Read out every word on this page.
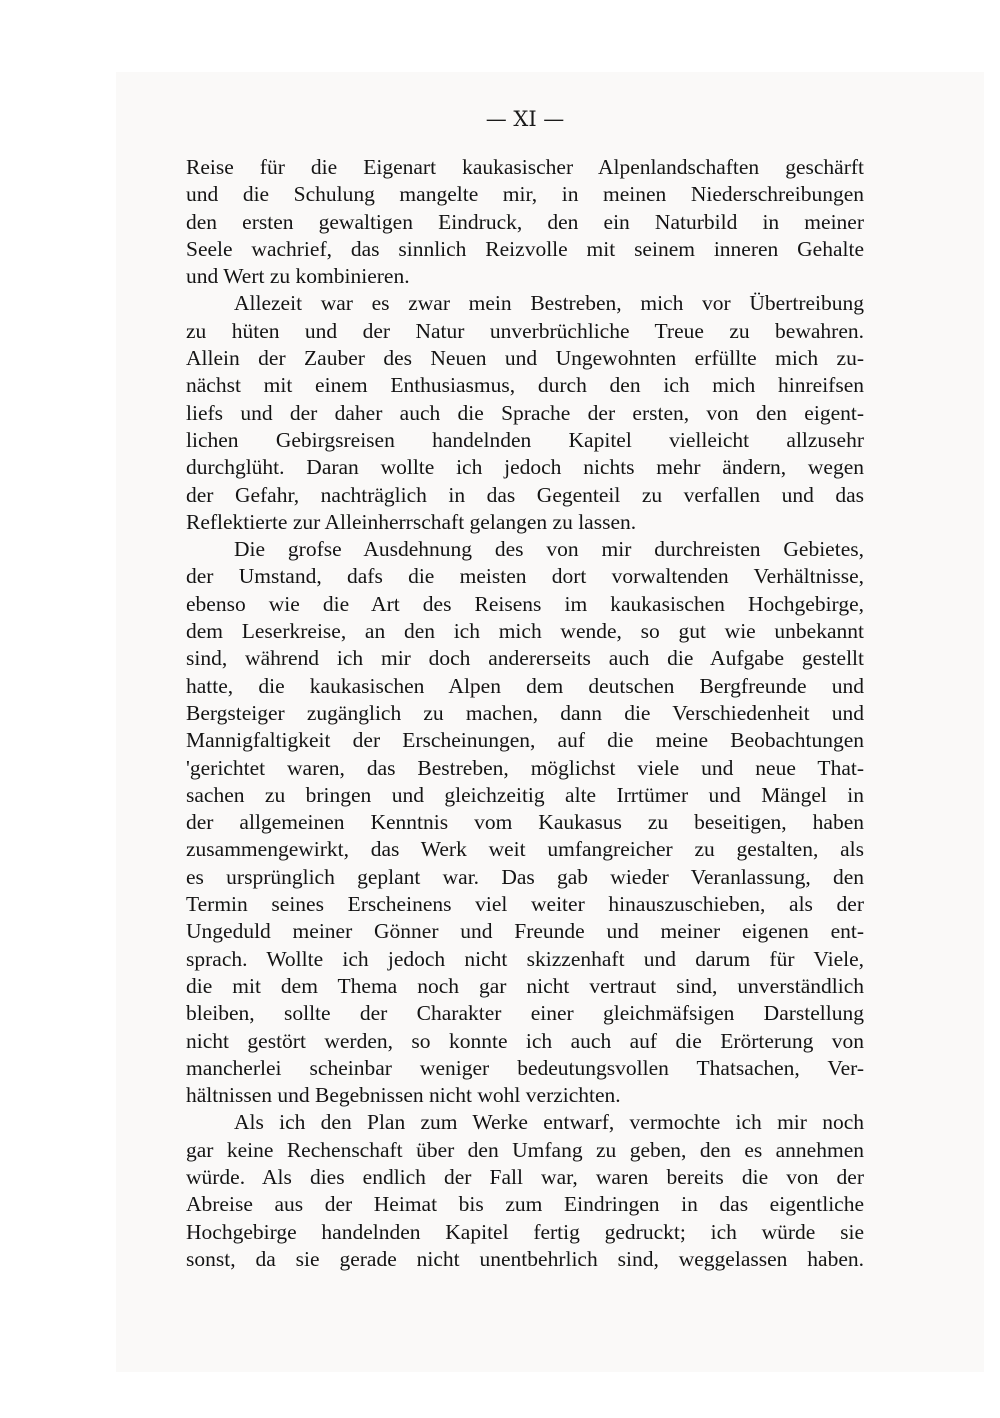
— XI —
Reise für die Eigenart kaukasischer Alpenlandschaften geschärft
und die Schulung mangelte mir, in meinen Niederschreibungen
den ersten gewaltigen Eindruck, den ein Naturbild in meiner
Seele wachrief, das sinnlich Reizvolle mit seinem inneren Gehalte
und Wert zu kombinieren.
Allezeit war es zwar mein Bestreben, mich vor Übertreibung
zu hüten und der Natur unverbrüchliche Treue zu bewahren.
Allein der Zauber des Neuen und Ungewohnten erfüllte mich zu-
nächst mit einem Enthusiasmus, durch den ich mich hinreifsen
liefs und der daher auch die Sprache der ersten, von den eigent-
lichen Gebirgsreisen handelnden Kapitel vielleicht allzusehr
durchglüht. Daran wollte ich jedoch nichts mehr ändern, wegen
der Gefahr, nachträglich in das Gegenteil zu verfallen und das
Reflektierte zur Alleinherrschaft gelangen zu lassen.
Die grofse Ausdehnung des von mir durchreisten Gebietes,
der Umstand, dafs die meisten dort vorwaltenden Verhältnisse,
ebenso wie die Art des Reisens im kaukasischen Hochgebirge,
dem Leserkreise, an den ich mich wende, so gut wie unbekannt
sind, während ich mir doch andererseits auch die Aufgabe gestellt
hatte, die kaukasischen Alpen dem deutschen Bergfreunde und
Bergsteiger zugänglich zu machen, dann die Verschiedenheit und
Mannigfaltigkeit der Erscheinungen, auf die meine Beobachtungen
'gerichtet waren, das Bestreben, möglichst viele und neue That-
sachen zu bringen und gleichzeitig alte Irrtümer und Mängel in
der allgemeinen Kenntnis vom Kaukasus zu beseitigen, haben
zusammengewirkt, das Werk weit umfangreicher zu gestalten, als
es ursprünglich geplant war. Das gab wieder Veranlassung, den
Termin seines Erscheinens viel weiter hinauszuschieben, als der
Ungeduld meiner Gönner und Freunde und meiner eigenen ent-
sprach. Wollte ich jedoch nicht skizzenhaft und darum für Viele,
die mit dem Thema noch gar nicht vertraut sind, unverständlich
bleiben, sollte der Charakter einer gleichmäfsigen Darstellung
nicht gestört werden, so konnte ich auch auf die Erörterung von
mancherlei scheinbar weniger bedeutungsvollen Thatsachen, Ver-
hältnissen und Begebnissen nicht wohl verzichten.
Als ich den Plan zum Werke entwarf, vermochte ich mir noch
gar keine Rechenschaft über den Umfang zu geben, den es annehmen
würde. Als dies endlich der Fall war, waren bereits die von der
Abreise aus der Heimat bis zum Eindringen in das eigentliche
Hochgebirge handelnden Kapitel fertig gedruckt; ich würde sie
sonst, da sie gerade nicht unentbehrlich sind, weggelassen haben.
